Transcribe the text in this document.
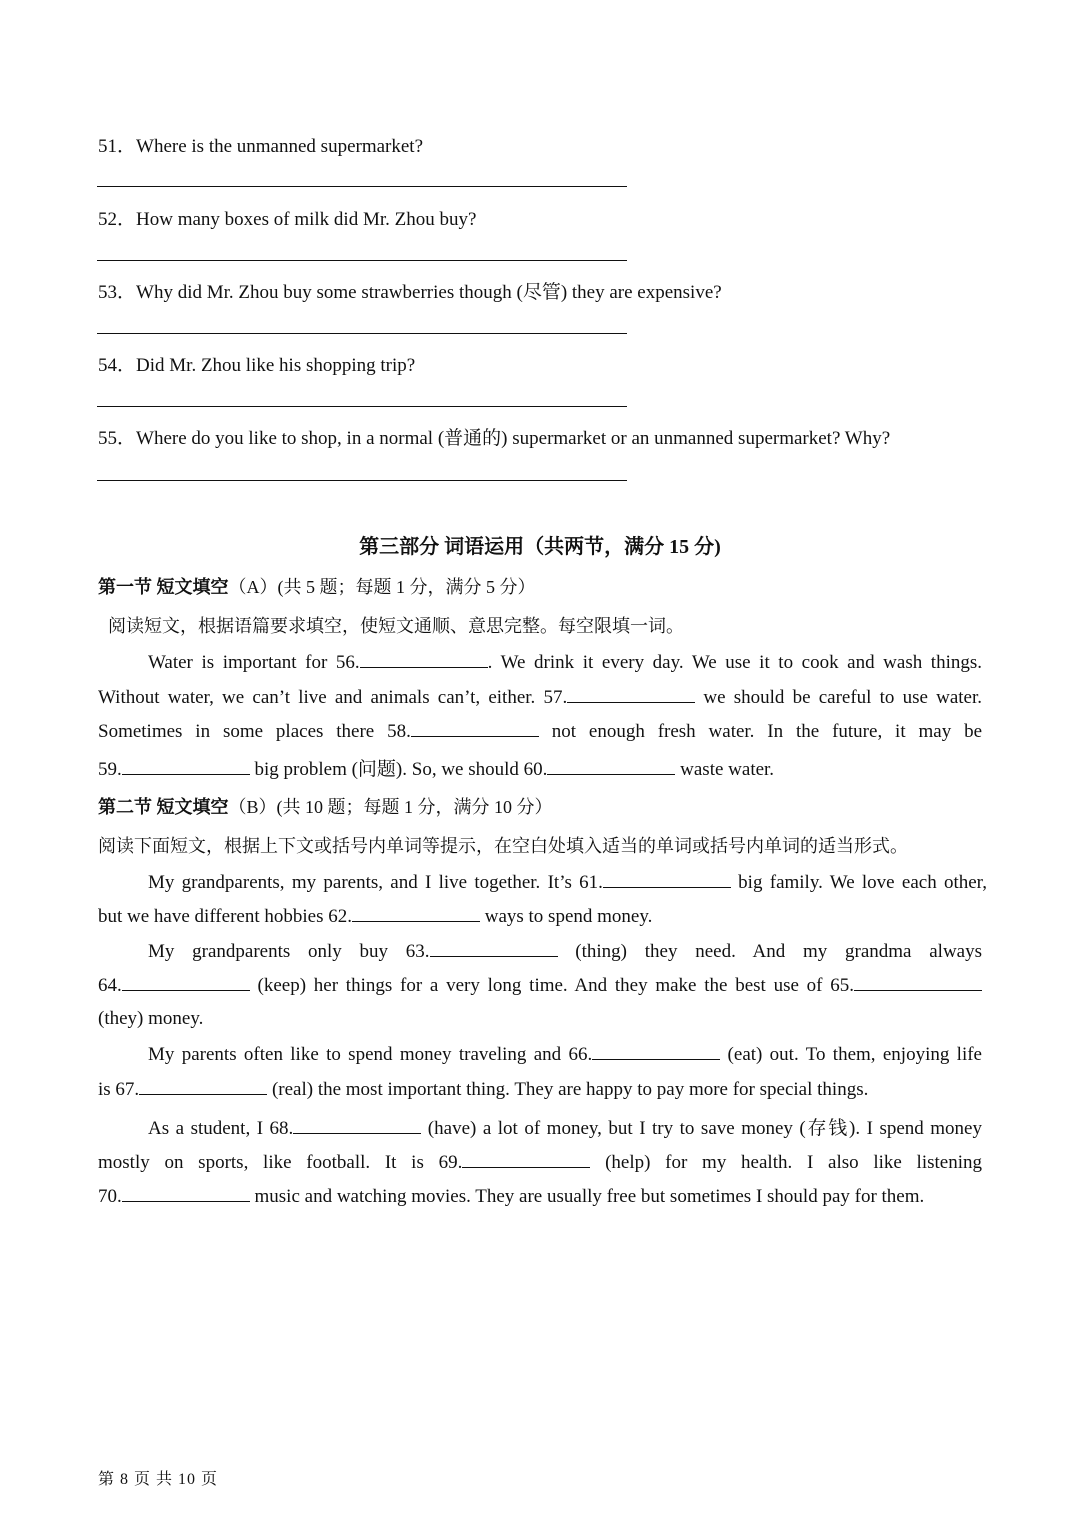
51．Where is the unmanned supermarket?
52．How many boxes of milk did Mr. Zhou buy?
53．Why did Mr. Zhou buy some strawberries though (尽管) they are expensive?
54．Did Mr. Zhou like his shopping trip?
55．Where do you like to shop, in a normal (普通的) supermarket or an unmanned supermarket? Why?
第三部分 词语运用（共两节，满分 15 分)
第一节 短文填空（A）(共 5 题；每题 1 分，满分 5 分）
阅读短文，根据语篇要求填空，使短文通顺、意思完整。每空限填一词。
Water is important for 56.	. We drink it every day. We use it to cook and wash things.
Without water, we can’t live and animals can’t, either. 57.	we should be careful to use water.
Sometimes in some places there 58.	not enough fresh water. In the future, it may be
59.	big problem (问题). So, we should 60.	waste water.
第二节 短文填空（B）(共 10 题；每题 1 分，满分 10 分）
阅读下面短文，根据上下文或括号内单词等提示，在空白处填入适当的单词或括号内单词的适当形式。
My grandparents, my parents, and I live together. It’s 61.	big family. We love each other,
but we have different hobbies 62.	ways to spend money.
My grandparents only buy 63.	(thing) they need. And my grandma always
64.	(keep) her things for a very long time. And they make the best use of 65.
(they) money.
My parents often like to spend money traveling and 66.	(eat) out. To them, enjoying life
is 67.	(real) the most important thing. They are happy to pay more for special things.
As a student, I 68.	(have) a lot of money, but I try to save money (存钱). I spend money
mostly on sports, like football. It is 69.	(help) for my health. I also like listening
70.	music and watching movies. They are usually free but sometimes I should pay for them.
第 8 页 共 10 页
